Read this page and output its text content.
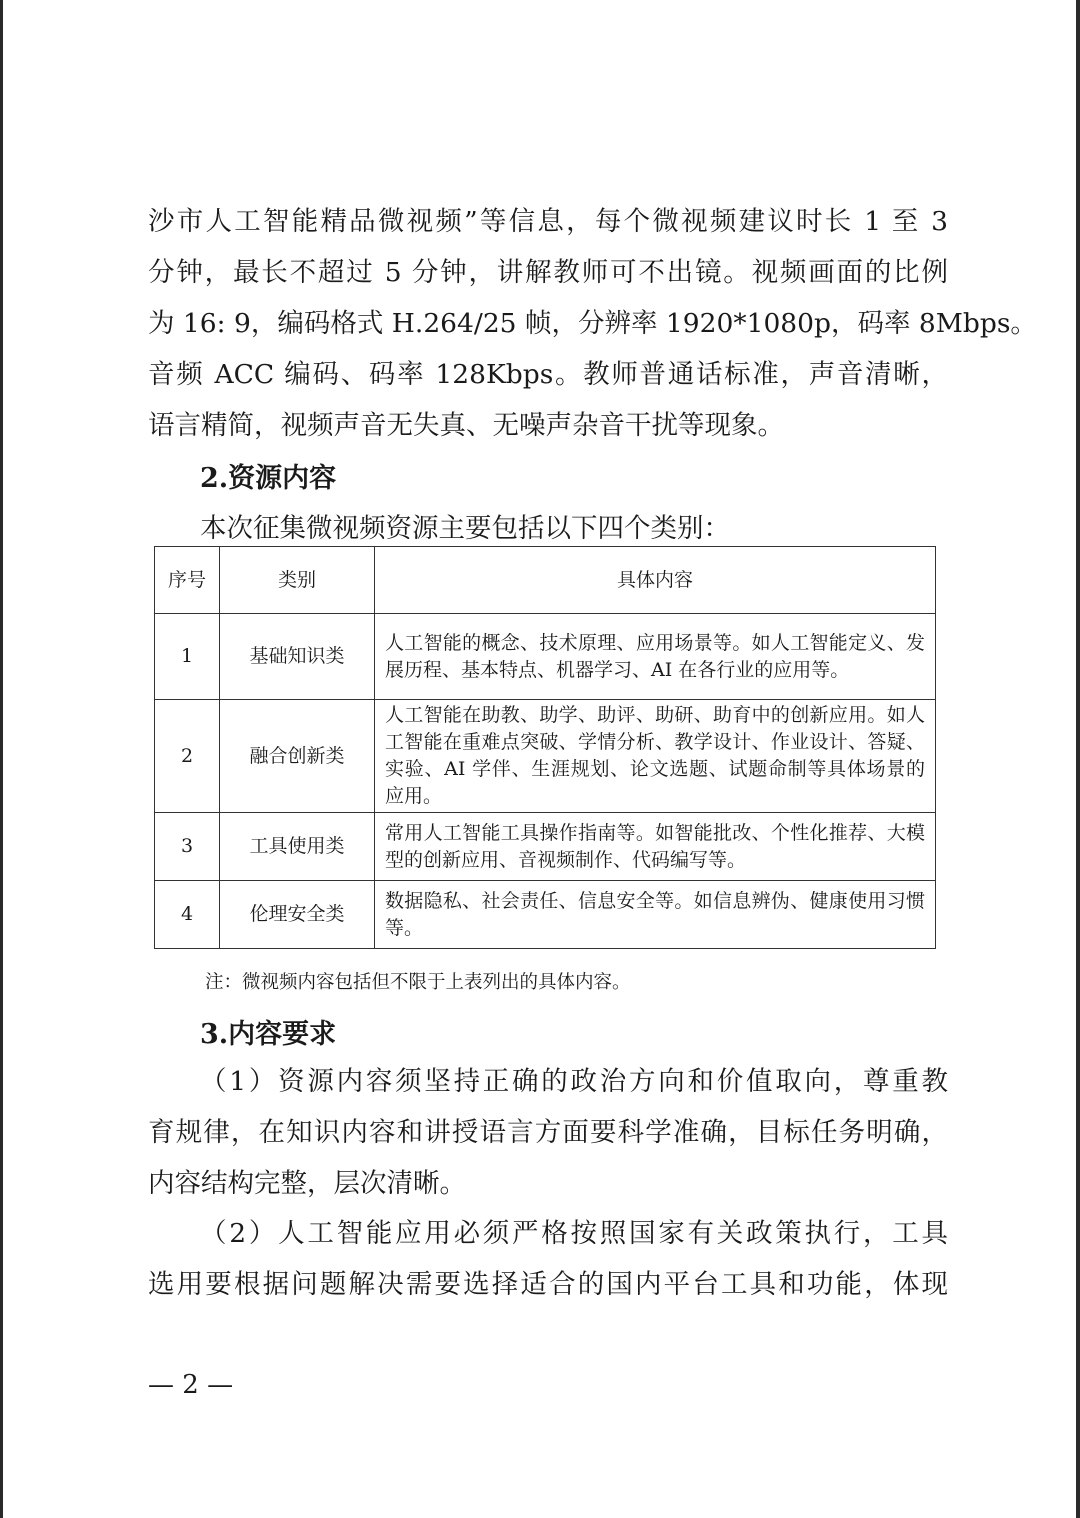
沙市人工智能精品微视频”等信息，每个微视频建议时长 1 至 3
分钟，最长不超过 5 分钟，讲解教师可不出镜。视频画面的比例
为 16: 9，编码格式 H.264/25 帧，分辨率 1920*1080p，码率 8Mbps。
音频 ACC 编码、码率 128Kbps。教师普通话标准，声音清晰，
语言精简，视频声音无失真、无噪声杂音干扰等现象。
2.资源内容
本次征集微视频资源主要包括以下四个类别：
序号	类别	具体内容
1	基础知识类	人工智能的概念、技术原理、应用场景等。如人工智能定义、发展历程、基本特点、机器学习、AI 在各行业的应用等。
2	融合创新类	人工智能在助教、助学、助评、助研、助育中的创新应用。如人工智能在重难点突破、学情分析、教学设计、作业设计、答疑、实验、AI 学伴、生涯规划、论文选题、试题命制等具体场景的应用。
3	工具使用类	常用人工智能工具操作指南等。如智能批改、个性化推荐、大模型的创新应用、音视频制作、代码编写等。
4	伦理安全类	数据隐私、社会责任、信息安全等。如信息辨伪、健康使用习惯等。
注：微视频内容包括但不限于上表列出的具体内容。
3.内容要求
（1）资源内容须坚持正确的政治方向和价值取向，尊重教
育规律，在知识内容和讲授语言方面要科学准确，目标任务明确，
内容结构完整，层次清晰。
（2）人工智能应用必须严格按照国家有关政策执行，工具
选用要根据问题解决需要选择适合的国内平台工具和功能，体现
— 2 —
